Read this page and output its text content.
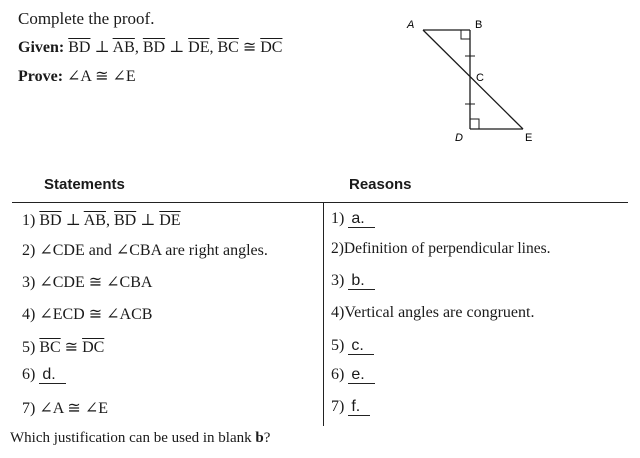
Complete the proof.
Given: $\overline{BD}$ ⊥ $\overline{AB}$, $\overline{BD}$ ⊥ $\overline{DE}$, $\overline{BC}$ ≅ $\overline{DC}$
Prove: ∠A ≅ ∠E
A	B
C
D	E
Statements	Reasons
1) $\overline{BD}$ ⊥ $\overline{AB}$, $\overline{BD}$ ⊥ $\overline{DE}$	1) a.
2) ∠CDE and ∠CBA are right angles.	2)Definition of perpendicular lines.
3) ∠CDE ≅ ∠CBA	3) b.
4) ∠ECD ≅ ∠ACB	4)Vertical angles are congruent.
5) $\overline{BC}$ ≅ $\overline{DC}$	5) c.
6) d.	6) e.
7) ∠A ≅ ∠E	7) f.
Which justification can be used in blank b?
